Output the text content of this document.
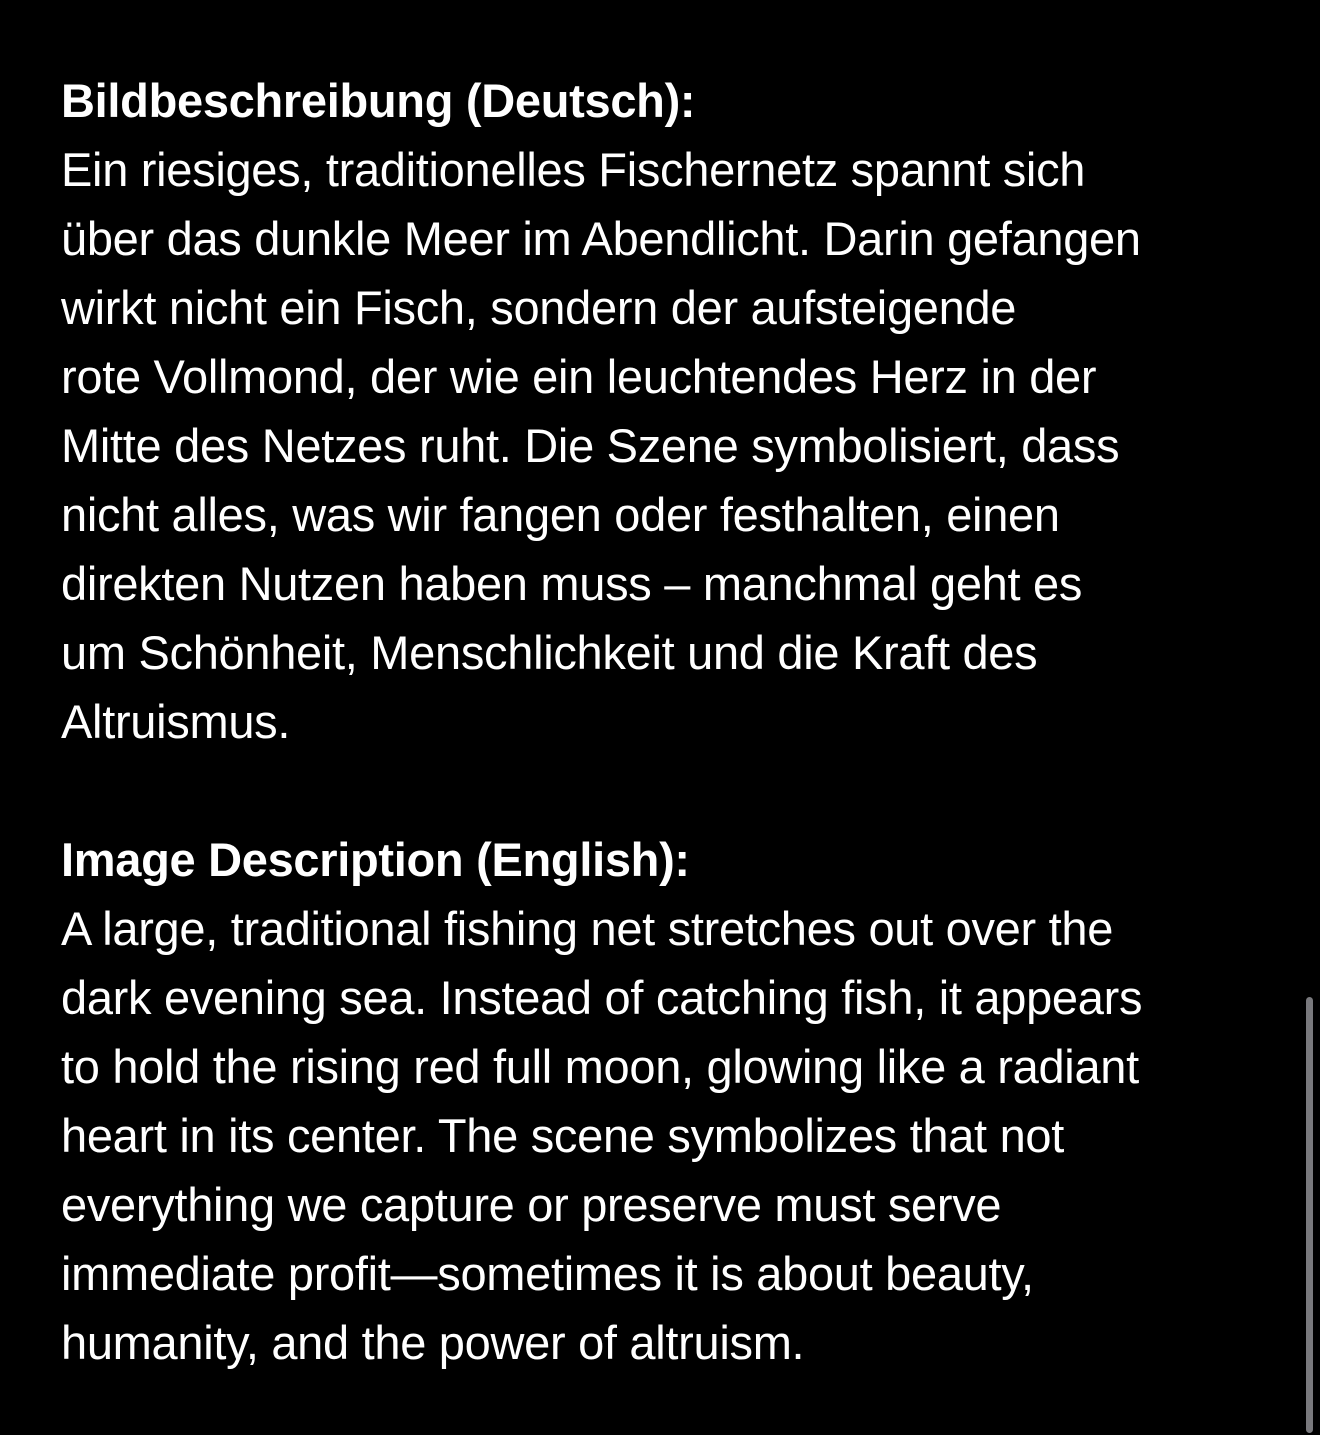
Bildbeschreibung (Deutsch):
Ein riesiges, traditionelles Fischernetz spannt sich
über das dunkle Meer im Abendlicht. Darin gefangen
wirkt nicht ein Fisch, sondern der aufsteigende
rote Vollmond, der wie ein leuchtendes Herz in der
Mitte des Netzes ruht. Die Szene symbolisiert, dass
nicht alles, was wir fangen oder festhalten, einen
direkten Nutzen haben muss – manchmal geht es
um Schönheit, Menschlichkeit und die Kraft des
Altruismus.
Image Description (English):
A large, traditional fishing net stretches out over the
dark evening sea. Instead of catching fish, it appears
to hold the rising red full moon, glowing like a radiant
heart in its center. The scene symbolizes that not
everything we capture or preserve must serve
immediate profit—sometimes it is about beauty,
humanity, and the power of altruism.
